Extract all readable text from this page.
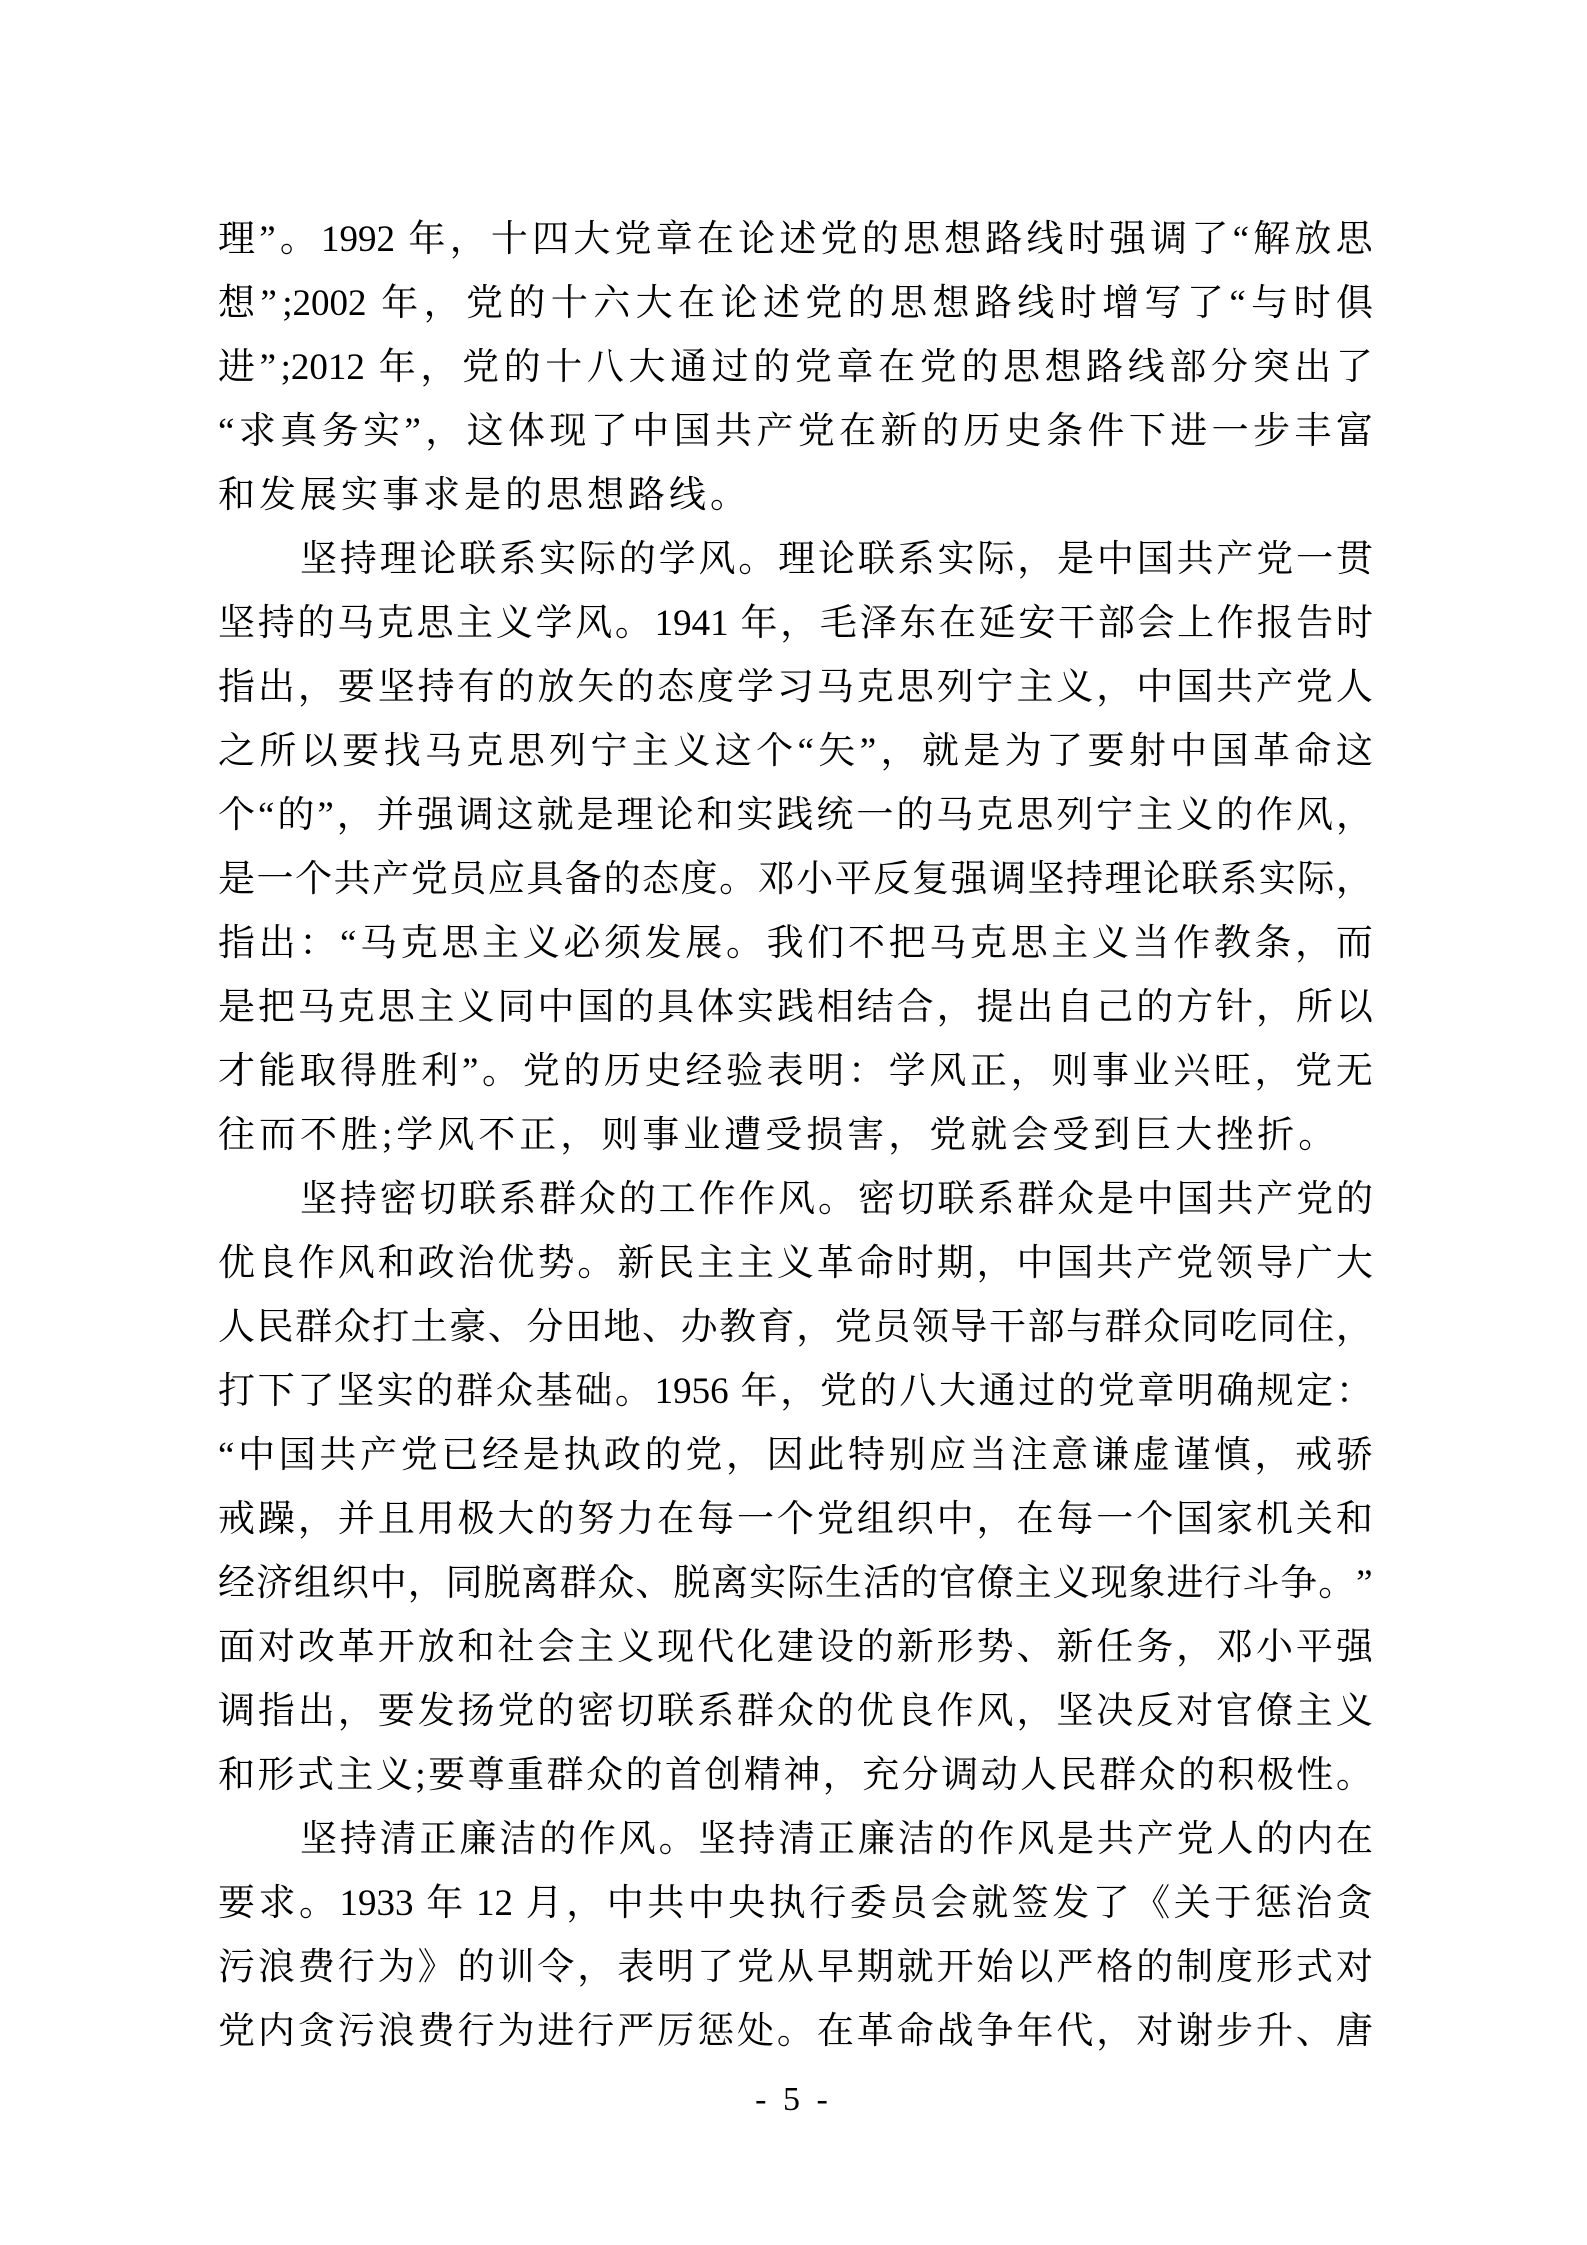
理 ” 。 1992 年 ， 十 四 大 党 章 在 论 述 党 的 思 想 路 线 时 强 调 了 “ 解 放 思
想 ” ;2002 年 ， 党 的 十 六 大 在 论 述 党 的 思 想 路 线 时 增 写 了 “ 与 时 俱
进 ” ;2012 年 ， 党 的 十 八 大 通 过 的 党 章 在 党 的 思 想 路 线 部 分 突 出 了
“ 求 真 务 实 ” ， 这 体 现 了 中 国 共 产 党 在 新 的 历 史 条 件 下 进 一 步 丰 富
和 发 展 实 事 求 是 的 思 想 路 线 。
坚 持 理 论 联 系 实 际 的 学 风 。 理 论 联 系 实 际 ， 是 中 国 共 产 党 一 贯
坚 持 的 马 克 思 主 义 学 风 。 1941 年 ， 毛 泽 东 在 延 安 干 部 会 上 作 报 告 时
指 出 ， 要 坚 持 有 的 放 矢 的 态 度 学 习 马 克 思 列 宁 主 义 ， 中 国 共 产 党 人
之 所 以 要 找 马 克 思 列 宁 主 义 这 个 “ 矢 ” ， 就 是 为 了 要 射 中 国 革 命 这
个 “ 的 ” ， 并 强 调 这 就 是 理 论 和 实 践 统 一 的 马 克 思 列 宁 主 义 的 作 风 ，
是 一 个 共 产 党 员 应 具 备 的 态 度 。 邓 小 平 反 复 强 调 坚 持 理 论 联 系 实 际 ，
指 出 ： “ 马 克 思 主 义 必 须 发 展 。 我 们 不 把 马 克 思 主 义 当 作 教 条 ， 而
是 把 马 克 思 主 义 同 中 国 的 具 体 实 践 相 结 合 ， 提 出 自 己 的 方 针 ， 所 以
才 能 取 得 胜 利 ” 。 党 的 历 史 经 验 表 明 ： 学 风 正 ， 则 事 业 兴 旺 ， 党 无
往 而 不 胜 ; 学 风 不 正 ， 则 事 业 遭 受 损 害 ， 党 就 会 受 到 巨 大 挫 折 。
坚 持 密 切 联 系 群 众 的 工 作 作 风 。 密 切 联 系 群 众 是 中 国 共 产 党 的
优 良 作 风 和 政 治 优 势 。 新 民 主 主 义 革 命 时 期 ， 中 国 共 产 党 领 导 广 大
人 民 群 众 打 土 豪 、 分 田 地 、 办 教 育 ， 党 员 领 导 干 部 与 群 众 同 吃 同 住 ，
打 下 了 坚 实 的 群 众 基 础 。 1956 年 ， 党 的 八 大 通 过 的 党 章 明 确 规 定 ：
“ 中 国 共 产 党 已 经 是 执 政 的 党 ， 因 此 特 别 应 当 注 意 谦 虚 谨 慎 ， 戒 骄
戒 躁 ， 并 且 用 极 大 的 努 力 在 每 一 个 党 组 织 中 ， 在 每 一 个 国 家 机 关 和
经 济 组 织 中 ， 同 脱 离 群 众 、 脱 离 实 际 生 活 的 官 僚 主 义 现 象 进 行 斗 争 。 ”
面 对 改 革 开 放 和 社 会 主 义 现 代 化 建 设 的 新 形 势 、 新 任 务 ， 邓 小 平 强
调 指 出 ， 要 发 扬 党 的 密 切 联 系 群 众 的 优 良 作 风 ， 坚 决 反 对 官 僚 主 义
和 形 式 主 义 ; 要 尊 重 群 众 的 首 创 精 神 ， 充 分 调 动 人 民 群 众 的 积 极 性 。
坚 持 清 正 廉 洁 的 作 风 。 坚 持 清 正 廉 洁 的 作 风 是 共 产 党 人 的 内 在
要 求 。 1933 年 12 月 ， 中 共 中 央 执 行 委 员 会 就 签 发 了 《 关 于 惩 治 贪
污 浪 费 行 为 》 的 训 令 ， 表 明 了 党 从 早 期 就 开 始 以 严 格 的 制 度 形 式 对
党 内 贪 污 浪 费 行 为 进 行 严 厉 惩 处 。 在 革 命 战 争 年 代 ， 对 谢 步 升 、 唐
- 5 -
